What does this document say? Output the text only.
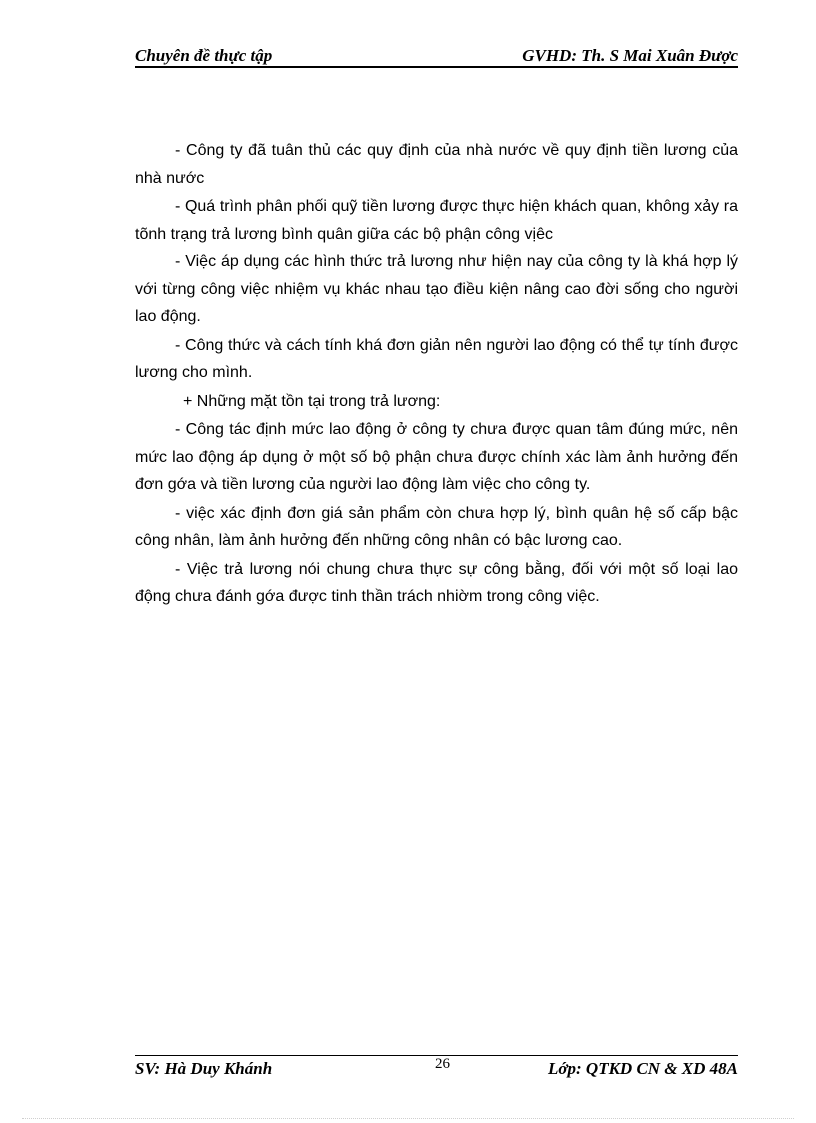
Chuyên đề thực tập	GVHD: Th. S Mai Xuân Được

- Công ty đã tuân thủ các quy định của nhà nước về quy định tiền lương của nhà nước

- Quá trình phân phối quỹ tiền lương được thực hiện khách quan, không xảy ra tõnh trạng trả lương bình quân giữa các bộ phận công vịêc

- Việc áp dụng các hình thức trả lương như hiện nay của công ty là khá hợp lý với từng công việc nhiệm vụ khác nhau tạo điều kiện nâng cao đời sống cho người lao động.

- Công thức và cách tính khá đơn giản nên người lao động có thể tự tính được lương cho mình.

+ Những mặt tồn tại trong trả lương:

- Công tác định mức lao động ở công ty chưa được quan tâm đúng mức, nên mức lao động áp dụng ở một số bộ phận chưa được chính xác làm ảnh hưởng đến đơn gớa và tiền lương của người lao động làm việc cho công ty.

- việc xác định đơn giá sản phẩm còn chưa hợp lý, bình quân hệ số cấp bậc công nhân, làm ảnh hưởng đến những công nhân có bậc lương cao.

- Việc trả lương nói chung chưa thực sự công bằng, đối với một số loại lao động chưa đánh gớa được tinh thần trách nhiờm trong công việc.

SV: Hà Duy Khánh	26	Lớp: QTKD CN & XD 48A
